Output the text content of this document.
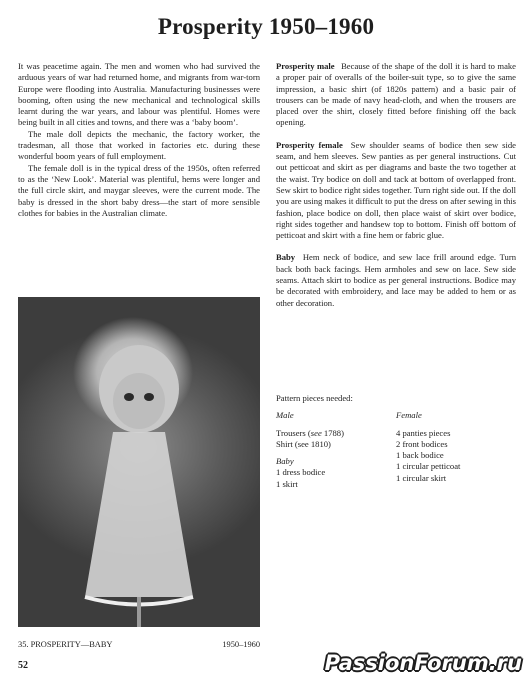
Prosperity 1950–1960

It was peacetime again. The men and women who had survived the arduous years of war had returned home, and migrants from war-torn Europe were flooding into Australia. Manufacturing businesses were booming, often using the new mechanical and technological skills learnt during the war years, and labour was plentiful. Homes were being built in all cities and towns, and there was a ‘baby boom’.

The male doll depicts the mechanic, the factory worker, the tradesman, all those that worked in factories etc. during these wonderful boom years of full employment.

The female doll is in the typical dress of the 1950s, often referred to as the ‘New Look’. Material was plentiful, hems were longer and the full circle skirt, and maygar sleeves, were the current mode. The baby is dressed in the short baby dress—the start of more sensible clothes for babies in the Australian climate.

35. PROSPERITY—BABY	1950–1960
52

Prosperity male Because of the shape of the doll it is hard to make a proper pair of overalls of the boiler-suit type, so to give the same impression, a basic shirt (of 1820s pattern) and a basic pair of trousers can be made of navy head-cloth, and when the trousers are placed over the shirt, closely fitted before finishing off the back opening.

Prosperity female Sew shoulder seams of bodice then sew side seam, and hem sleeves. Sew panties as per general instructions. Cut out petticoat and skirt as per diagrams and baste the two together at the waist. Try bodice on doll and tack at bottom of overlapped front. Sew skirt to bodice right sides together. Turn right side out. If the doll you are using makes it difficult to put the dress on after sewing in this fashion, place bodice on doll, then place waist of skirt over bodice, right sides together and handsew top to bottom. Finish off bottom of petticoat and skirt with a fine hem or fabric glue.

Baby Hem neck of bodice, and sew lace frill around edge. Turn back both back facings. Hem armholes and sew on lace. Sew side seams. Attach skirt to bodice as per general instructions. Bodice may be decorated with embroidery, and lace may be added to hem or as other decoration.

Pattern pieces needed:
Male
Trousers (see 1788)
Shirt (see 1810)
Baby
1 dress bodice
1 skirt
Female
4 panties pieces
2 front bodices
1 back bodice
1 circular petticoat
1 circular skirt
PassionForum.ru
